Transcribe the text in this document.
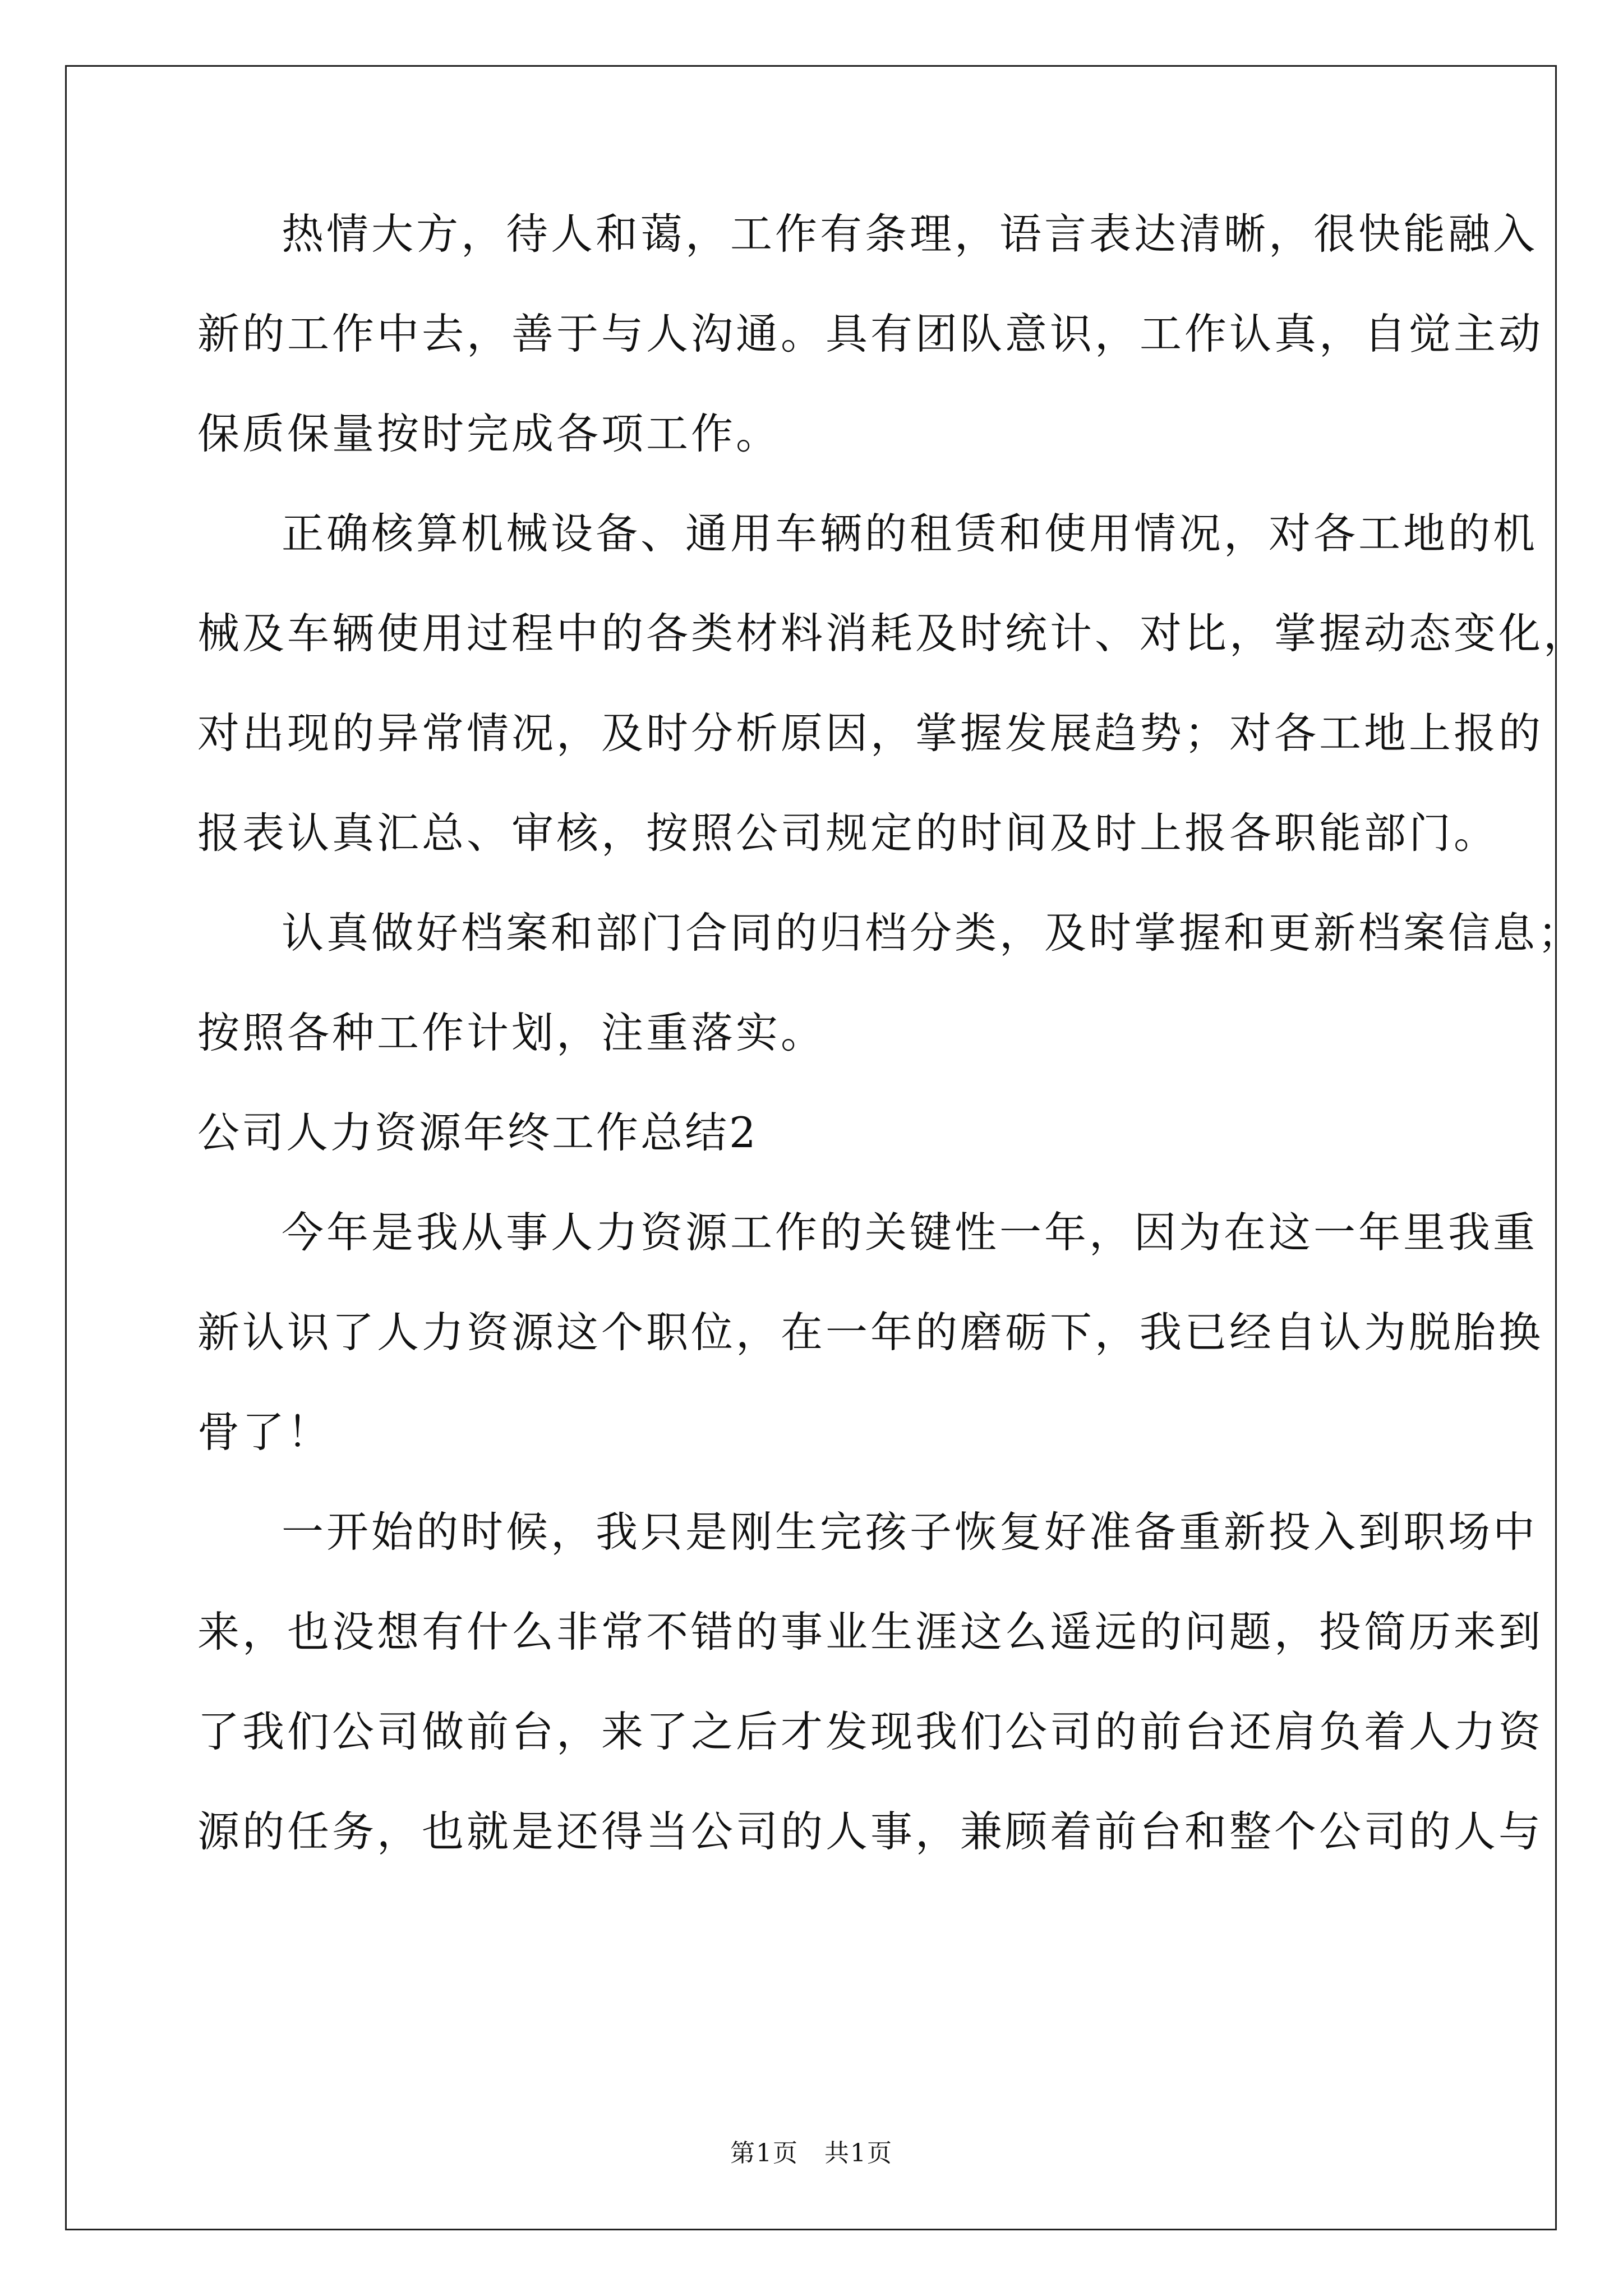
热情大方，待人和蔼，工作有条理，语言表达清晰，很快能融入
新的工作中去，善于与人沟通。具有团队意识，工作认真，自觉主动
保质保量按时完成各项工作。
正确核算机械设备、通用车辆的租赁和使用情况，对各工地的机
械及车辆使用过程中的各类材料消耗及时统计、对比，掌握动态变化，
对出现的异常情况，及时分析原因，掌握发展趋势；对各工地上报的
报表认真汇总、审核，按照公司规定的时间及时上报各职能部门。
认真做好档案和部门合同的归档分类，及时掌握和更新档案信息；
按照各种工作计划，注重落实。
公司人力资源年终工作总结2
今年是我从事人力资源工作的关键性一年，因为在这一年里我重
新认识了人力资源这个职位，在一年的磨砺下，我已经自认为脱胎换
骨了！
一开始的时候，我只是刚生完孩子恢复好准备重新投入到职场中
来，也没想有什么非常不错的事业生涯这么遥远的问题，投简历来到
了我们公司做前台，来了之后才发现我们公司的前台还肩负着人力资
源的任务，也就是还得当公司的人事，兼顾着前台和整个公司的人与
第1页　共1页
